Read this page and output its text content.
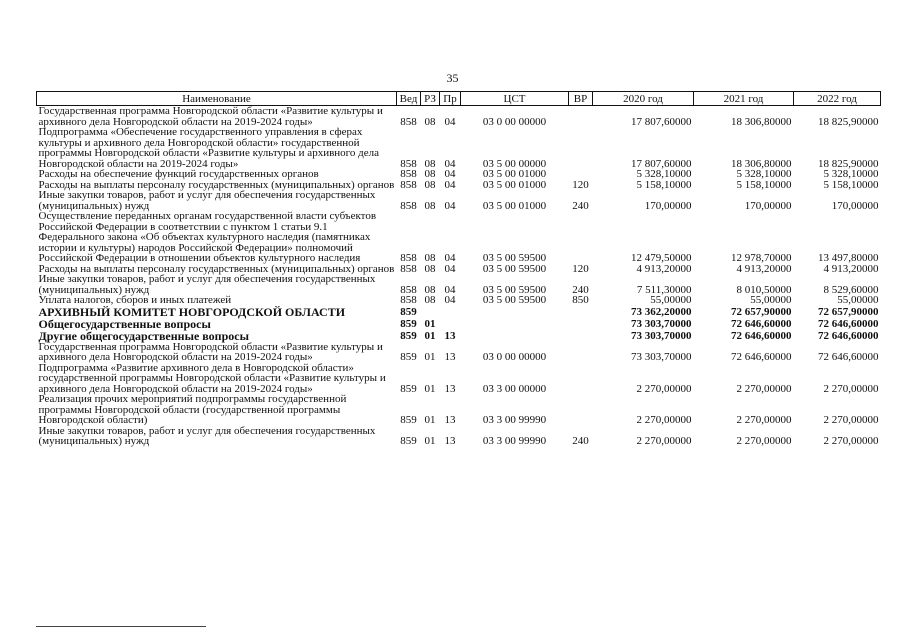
35
Наименование	Вед	РЗ	Пр	ЦСТ	ВР	2020 год	2021 год	2022 год
Государственная программа Новгородской области «Развитие культуры и архивного дела Новгородской области на 2019-2024 годы»	858	08	04	03 0 00 00000		17 807,60000	18 306,80000	18 825,90000
Подпрограмма «Обеспечение государственного управления в сферах культуры и архивного дела Новгородской области» государственной программы Новгородской области «Развитие культуры и архивного дела Новгородской области на 2019-2024 годы»	858	08	04	03 5 00 00000		17 807,60000	18 306,80000	18 825,90000
Расходы на обеспечение функций государственных органов	858	08	04	03 5 00 01000		5 328,10000	5 328,10000	5 328,10000
Расходы на выплаты персоналу государственных (муниципальных) органов	858	08	04	03 5 00 01000	120	5 158,10000	5 158,10000	5 158,10000
Иные закупки товаров, работ и услуг для обеспечения государственных (муниципальных) нужд	858	08	04	03 5 00 01000	240	170,00000	170,00000	170,00000
Осуществление переданных органам государственной власти субъектов Российской Федерации в соответствии с пунктом 1 статьи 9.1 Федерального закона «Об объектах культурного наследия (памятниках истории и культуры) народов Российской Федерации» полномочий Российской Федерации в отношении объектов культурного наследия	858	08	04	03 5 00 59500		12 479,50000	12 978,70000	13 497,80000
Расходы на выплаты персоналу государственных (муниципальных) органов	858	08	04	03 5 00 59500	120	4 913,20000	4 913,20000	4 913,20000
Иные закупки товаров, работ и услуг для обеспечения государственных (муниципальных) нужд	858	08	04	03 5 00 59500	240	7 511,30000	8 010,50000	8 529,60000
Уплата налогов, сборов и иных платежей	858	08	04	03 5 00 59500	850	55,00000	55,00000	55,00000
АРХИВНЫЙ КОМИТЕТ НОВГОРОДСКОЙ ОБЛАСТИ	859					73 362,20000	72 657,90000	72 657,90000
Общегосударственные вопросы	859	01				73 303,70000	72 646,60000	72 646,60000
Другие общегосударственные вопросы	859	01	13			73 303,70000	72 646,60000	72 646,60000
Государственная программа Новгородской области «Развитие культуры и архивного дела Новгородской области на 2019-2024 годы»	859	01	13	03 0 00 00000		73 303,70000	72 646,60000	72 646,60000
Подпрограмма «Развитие архивного дела в Новгородской области» государственной программы Новгородской области «Развитие культуры и архивного дела Новгородской области на 2019-2024 годы»	859	01	13	03 3 00 00000		2 270,00000	2 270,00000	2 270,00000
Реализация прочих мероприятий подпрограммы государственной программы Новгородской области (государственной программы Новгородской области)	859	01	13	03 3 00 99990		2 270,00000	2 270,00000	2 270,00000
Иные закупки товаров, работ и услуг для обеспечения государственных (муниципальных) нужд	859	01	13	03 3 00 99990	240	2 270,00000	2 270,00000	2 270,00000
